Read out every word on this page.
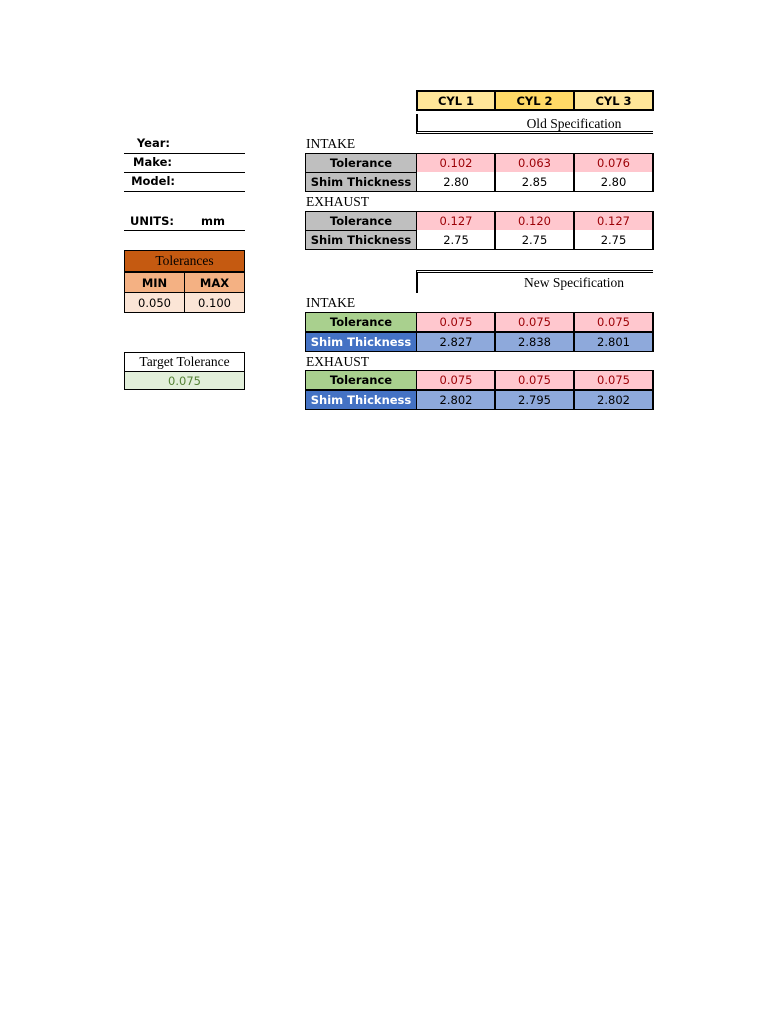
Year:
Make:
Model:
UNITS:	mm
Tolerances
MIN	MAX
0.050	0.100
Target Tolerance
0.075
CYL 1	CYL 2	CYL 3
Old Specification
INTAKE
Tolerance	0.102	0.063	0.076
Shim Thickness	2.80	2.85	2.80
EXHAUST
Tolerance	0.127	0.120	0.127
Shim Thickness	2.75	2.75	2.75
New Specification
INTAKE
Tolerance	0.075	0.075	0.075
Shim Thickness	2.827	2.838	2.801
EXHAUST
Tolerance	0.075	0.075	0.075
Shim Thickness	2.802	2.795	2.802
